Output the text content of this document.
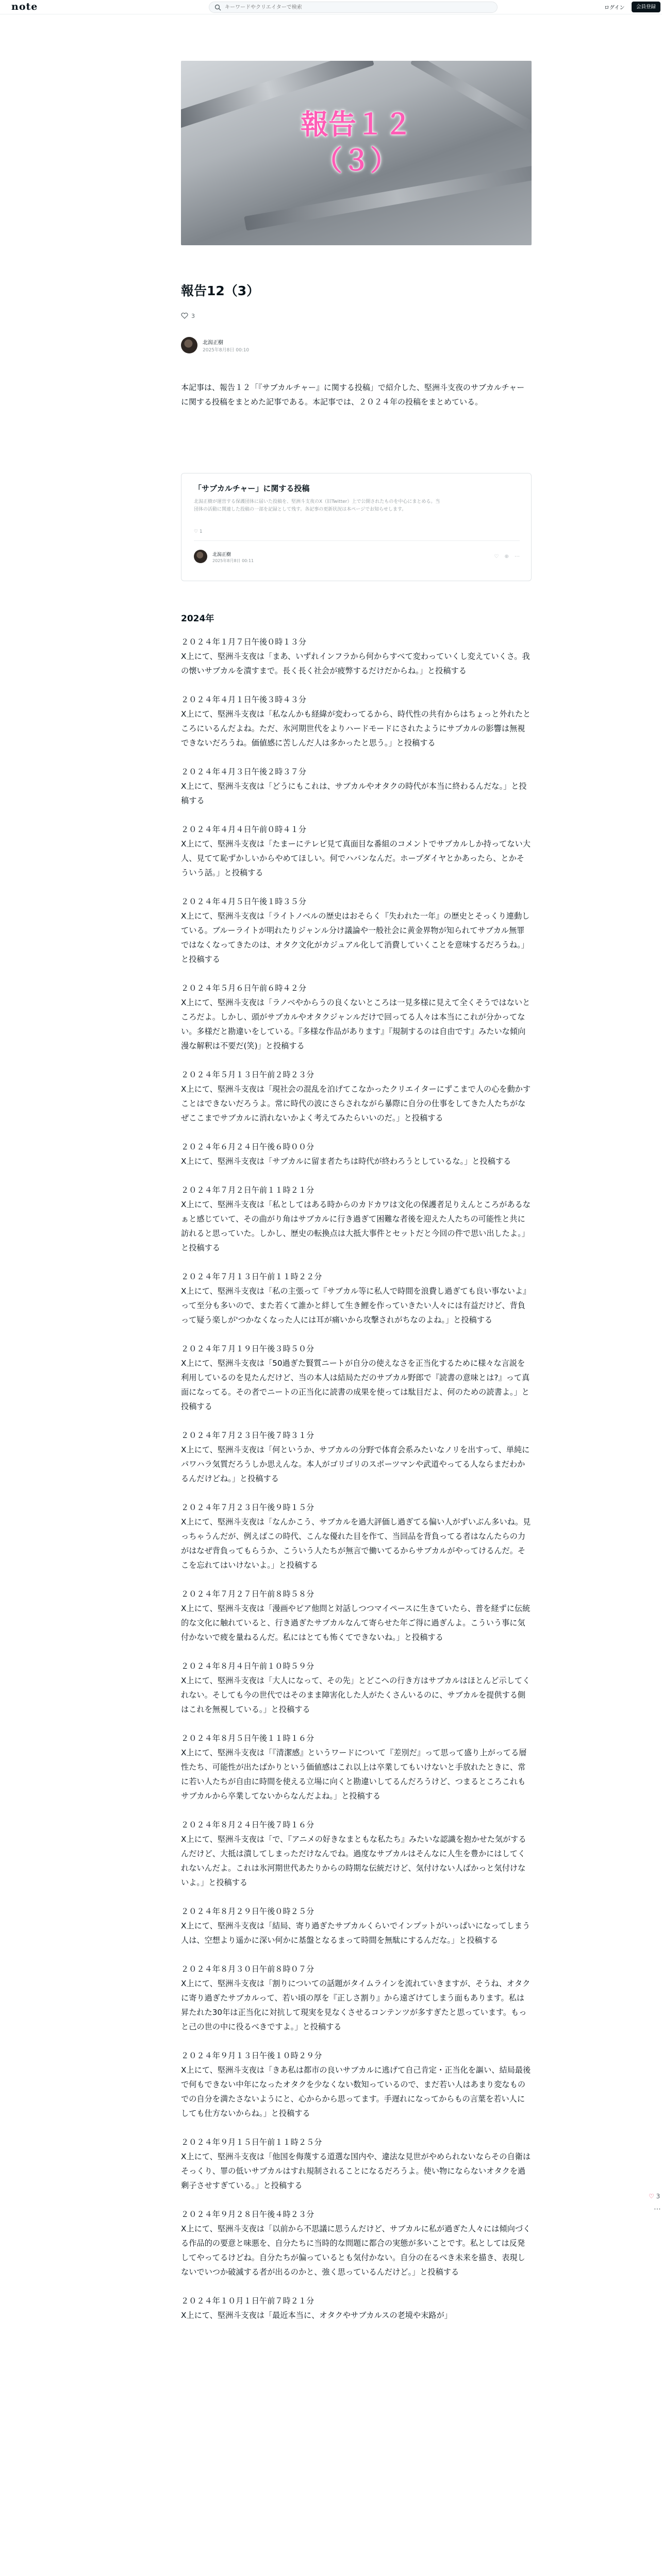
note
キーワードやクリエイターで検索	ログイン	会員登録
報告１２
（３）
報告12（3）
3
北潟正樹
2025年8月8日 00:10

本記事は、報告１２「『サブカルチャー』に関する投稿」で紹介した、堅洲斗支夜のサブカルチャーに関する投稿をまとめた記事である。本記事では、２０２４年の投稿をまとめている。

「サブカルチャー」に関する投稿
北潟正樹が運営する保護団体に届いた投稿を、堅洲斗支夜のX（旧Twitter）上で公開されたものを中心にまとめる。当団体の活動に関連した投稿の一部を記録として残す。各記事の更新状況は本ページでお知らせします。
♡ 1
北潟正樹
2025年8月8日 00:11
♡ ⊕ ⋯
2024年

２０２４年１月７日午後０時１３分

X上にて、堅洲斗支夜は「まあ、いずれインフラから何からすべて変わっていくし変えていくさ。我の懐いサブカルを潰すまで。長く長く社会が疲弊するだけだからね。」と投稿する

２０２４年４月１日午後３時４３分

X上にて、堅洲斗支夜は「私なんかも経緯が変わってるから、時代性の共有からはちょっと外れたところにいるんだよね。ただ、氷河期世代をよりハードモードにされたようにサブカルの影響は無視できないだろうね。価値感に苦しんだ人は多かったと思う。」と投稿する

２０２４年４月３日午後２時３７分

X上にて、堅洲斗支夜は「どうにもこれは、サブカルやオタクの時代が本当に終わるんだな。」と投稿する

２０２４年４月４日午前０時４１分

X上にて、堅洲斗支夜は「たまーにテレビ見て真面目な番組のコメントでサブカルしか持ってない大人、見てて恥ずかしいからやめてほしい。何でハバンなんだ。ホープダイヤとかあったら、とかそういう話。」と投稿する

２０２４年４月５日午後１時３５分

X上にて、堅洲斗支夜は「ライトノベルの歴史はおそらく『失われた一年』の歴史とそっくり連動している。ブルーライトが明れたりジャンル分け議論や一般社会に黄金界物が知られてサブカル無罪ではなくなってきたのは、オタク文化がカジュアル化して消費していくことを意味するだろうね。」と投稿する

２０２４年５月６日午前６時４２分

X上にて、堅洲斗支夜は「ラノベやからうの良くないところは一見多様に見えて全くそうではないところだよ。しかし、頭がサブカルやオタクジャンルだけで回ってる人々は本当にこれが分かってない。多様だと勘違いをしている。『多様な作品があります』『規制するのは自由です』みたいな傾向漫な解釈は不要だ(笑)」と投稿する

２０２４年５月１３日午前２時２３分

X上にて、堅洲斗支夜は「現社会の混乱を泊げてこなかったクリエイターにずこまで人の心を動かすことはできないだろうよ。常に時代の波にさらされながら暴際に自分の仕事をしてきた人たちがなぜここまでサブカルに消れないかよく考えてみたらいいのだ。」と投稿する

２０２４年６月２４日午後６時００分

X上にて、堅洲斗支夜は「サブカルに留ま者たちは時代が終わろうとしているな。」と投稿する

２０２４年７月２日午前１１時２１分

X上にて、堅洲斗支夜は「私としてはある時からのカドカワは文化の保護者足りえんところがあるなぁと感じていて、その曲がり角はサブカルに行き過ぎて困難な者後を迎えた人たちの可能性と共に訪れると思っていた。しかし、歴史の転換点は大抵大事件とセットだと今回の件で思い出したよ。」と投稿する

２０２４年７月１３日午前１１時２２分

X上にて、堅洲斗支夜は「私の主張って『サブカル等に私人で時間を浪費し過ぎても良い事ないよ』って至分も多いので、また若くて誰かと絆して生き鯉を作っていきたい人々には有益だけど、背負って疑う楽しが'つかなくなった人には耳が痛いから攻撃されがちなのよね。」と投稿する

２０２４年７月１９日午後３時５０分

X上にて、堅洲斗支夜は「50過ぎた賢質ニートが自分の使えなさを正当化するために様々な言説を利用しているのを見たんだけど、当の本人は結局ただのサブカル野郎で『読書の意味とは?』って真面になってる。その者でニートの正当化に読書の成果を使っては駄目だよ、何のための読書よ。」と投稿する

２０２４年７月２３日午後７時３１分

X上にて、堅洲斗支夜は「何というか、サブカルの分野で体育会系みたいなノリを出すって、単純にパワハラ気質だろうしか思えんな。本人がゴリゴリのスポーツマンや武道やってる人ならまだわかるんだけどね。」と投稿する

２０２４年７月２３日午後９時１５分

X上にて、堅洲斗支夜は「なんかこう、サブカルを過大評価し過ぎてる偏い人がずいぶん多いね。見っちゃうんだが、例えばこの時代、こんな優れた目を作て、当回品を背負ってる者はなんたらの力がはなぜ背負ってもらうか、こういう人たちが無言で働いてるからサブカルがやってけるんだ。そこを忘れてはいけないよ。」と投稿する

２０２４年７月２７日午前８時５８分

X上にて、堅洲斗支夜は「漫画やピア他問と対話しつつマイペースに生きていたら、普を経ずに伝統的な文化に触れていると、行き過ぎたサブカルなんて寄らせた年ご得に過ぎんよ。こういう事に気付かないで疲を量ねるんだ。私にはとても怖くてできないね。」と投稿する

２０２４年８月４日午前１０時５９分

X上にて、堅洲斗支夜は「大人になって、その先」とどこへの行き方はサブカルはほとんど示してくれない。そしても今の世代ではそのまま障害化した人がたくさんいるのに、サブカルを提供する側はこれを無視している。」と投稿する

２０２４年８月５日午後１１時１６分

X上にて、堅洲斗支夜は「『清潔感』というワードについて『差別だ』って思って盛り上がってる層性たち、可能性が出たばかりという価値感はこれ以上は卒業してもいけないと手放れたときに、常に若い人たちが自由に時間を使える立場に向くと勘違いしてるんだろうけど、つまるところこれもサブカルから卒業してないからなんだよね。」と投稿する

２０２４年８月２４日午後７時１６分

X上にて、堅洲斗支夜は「で、『アニメの好きなまともな私たち』みたいな認識を抱かせた気がするんだけど、大抵は潰してしまっただけなんでね。過度なサブカルはそんなに人生を豊かにはしてくれないんだよ。これは氷河期世代あたりからの時期な伝統だけど、気付けない人ばかっと気付けないよ。」と投稿する

２０２４年８月２９日午後０時２５分

X上にて、堅洲斗支夜は「結局、寄り過ぎたサブカルくらいでインプットがいっぱいになってしまう人は、空想より遥かに深い何かに基盤となるまって時間を無駄にするんだな。」と投稿する

２０２４年８月３０日午前８時０７分

X上にて、堅洲斗支夜は「割りについての話題がタイムラインを流れていきますが、そうね、オタクに寄り過ぎたサブカルって、若い頃の厚を『正しさ割り』から遠ざけてしまう面もあります。私は昇たれた30年は正当化に対抗して現実を見なくさせるコンテンツが多すぎたと思っています。もっと己の世の中に役るべきですよ。」と投稿する

２０２４年９月１３日午後１０時２９分

X上にて、堅洲斗支夜は「きあ私は都市の良いサブカルに逃げて自己肯定・正当化を謳い、結局最後で何もできない中年になったオタクを少なくない数知っているので、まだ若い人はあまり変なものでの自分を満たさないようにと、心からから思ってます。手遅れになってからもの言葉を若い人にしても仕方ないからね。」と投稿する

２０２４年９月１５日午前１１時２５分

X上にて、堅洲斗支夜は「他国を侮蔑する道選な国内や、違法な見世がやめられないならその自衛はそっくり、罪の低いサブカルはすれ規制されることになるだろうよ。使い物にならないオタクを過剰子させすぎている。」と投稿する

２０２４年９月２８日午後４時２３分

X上にて、堅洲斗支夜は「以前から不思議に思うんだけど、サブカルに私が過ぎた人々には傾向づくる作品的の要意と味悪を、自分たちに当時的な問題に都合の実態が多いことです。私としては反発してやってるけどね。自分たちが偏っているとも気付かない。自分の在るべき未来を描き、表現しないでいつか破滅する者が出るのかと、強く思っているんだけど。」と投稿する

２０２４年１０月１日午前７時２１分

X上にて、堅洲斗支夜は「最近本当に、オタクやサブカルスの老境や末路が」

♡ 3
⋯
